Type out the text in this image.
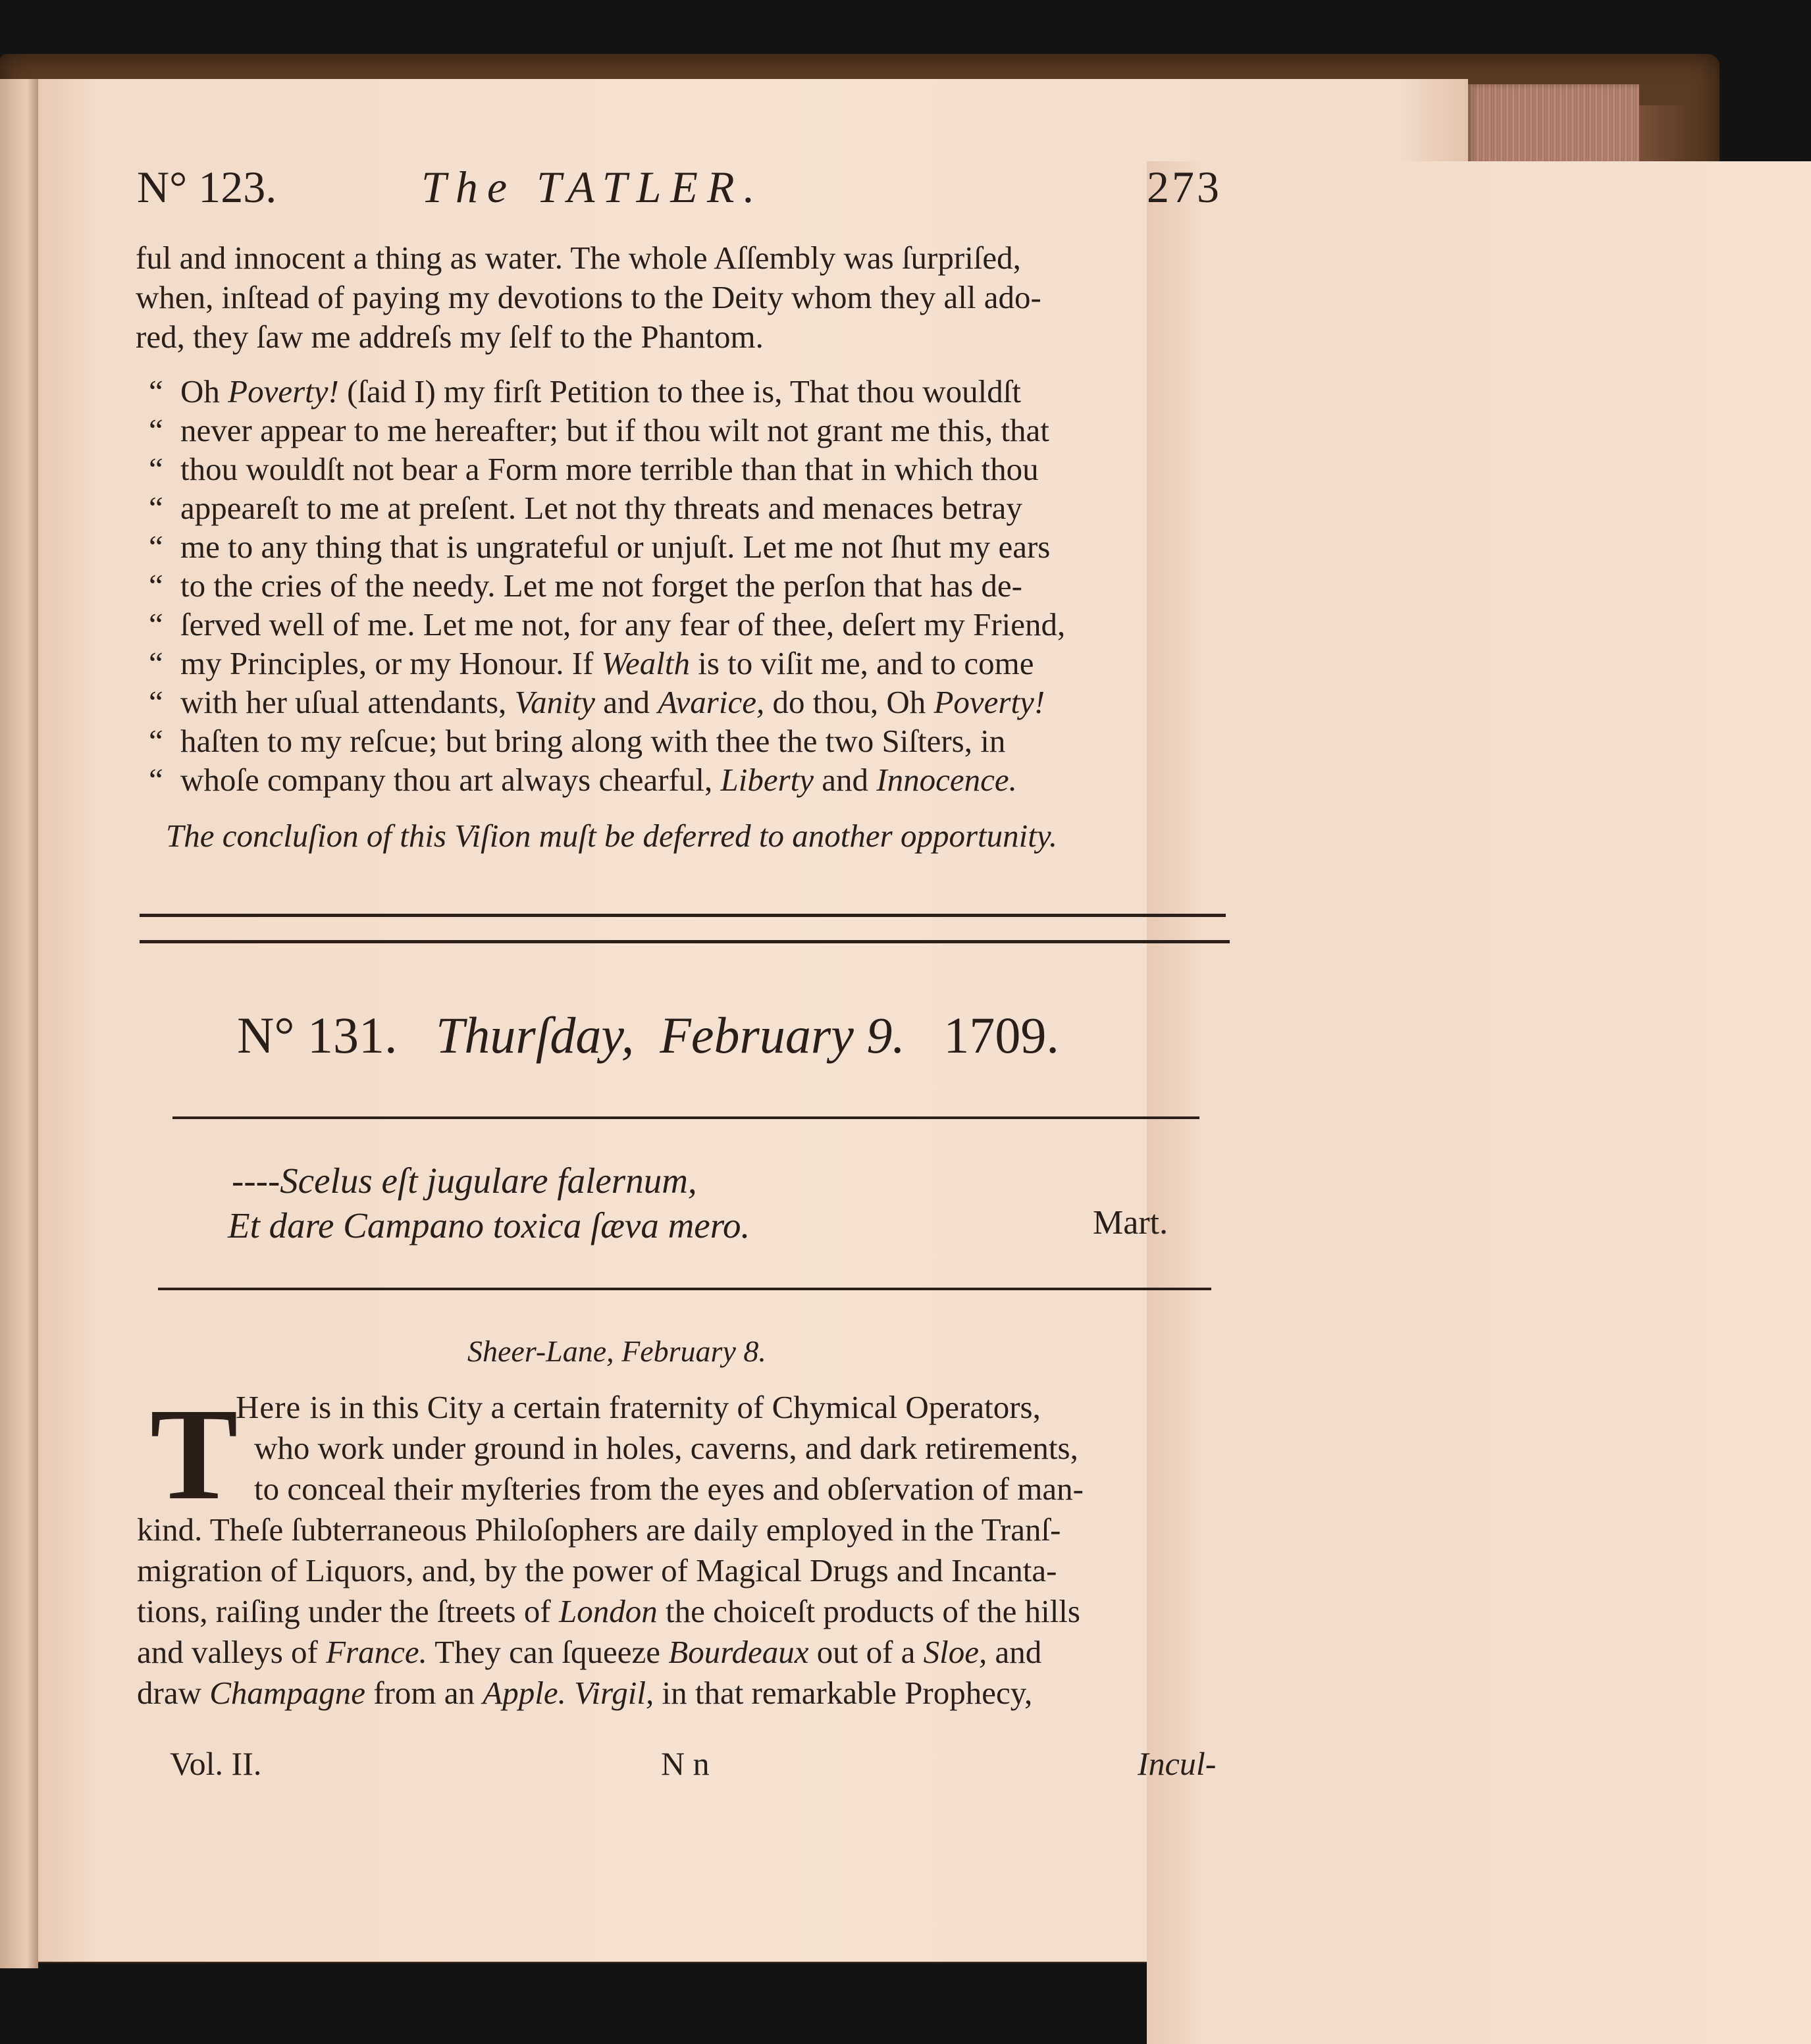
N° 123.	The TATLER.	273
ful and innocent a thing as water. The whole Aſſembly was ſurpriſed,
when, inſtead of paying my devotions to the Deity whom they all ado-
red, they ſaw me addreſs my ſelf to the Phantom.
“ Oh Poverty! (ſaid I) my firſt Petition to thee is, That thou wouldſt
“ never appear to me hereafter; but if thou wilt not grant me this, that
“ thou wouldſt not bear a Form more terrible than that in which thou
“ appeareſt to me at preſent. Let not thy threats and menaces betray
“ me to any thing that is ungrateful or unjuſt. Let me not ſhut my ears
“ to the cries of the needy. Let me not forget the perſon that has de-
“ ſerved well of me. Let me not, for any fear of thee, deſert my Friend,
“ my Principles, or my Honour. If Wealth is to viſit me, and to come
“ with her uſual attendants, Vanity and Avarice, do thou, Oh Poverty!
“ haſten to my reſcue; but bring along with thee the two Siſters, in
“ whoſe company thou art always chearful, Liberty and Innocence.
The concluſion of this Viſion muſt be deferred to another opportunity.
N° 131. Thurſday, February 9. 1709.
----Scelus eſt jugulare falernum,
Et dare Campano toxica ſæva mero.	Mart.
Sheer-Lane, February 8.
T
Here is in this City a certain fraternity of Chymical Operators,
who work under ground in holes, caverns, and dark retirements,
to conceal their myſteries from the eyes and obſervation of man-
kind. Theſe ſubterraneous Philoſophers are daily employed in the Tranſ-
migration of Liquors, and, by the power of Magical Drugs and Incanta-
tions, raiſing under the ſtreets of London the choiceſt products of the hills
and valleys of France. They can ſqueeze Bourdeaux out of a Sloe, and
draw Champagne from an Apple. Virgil, in that remarkable Prophecy,
Vol. II.	N n	Incul-
